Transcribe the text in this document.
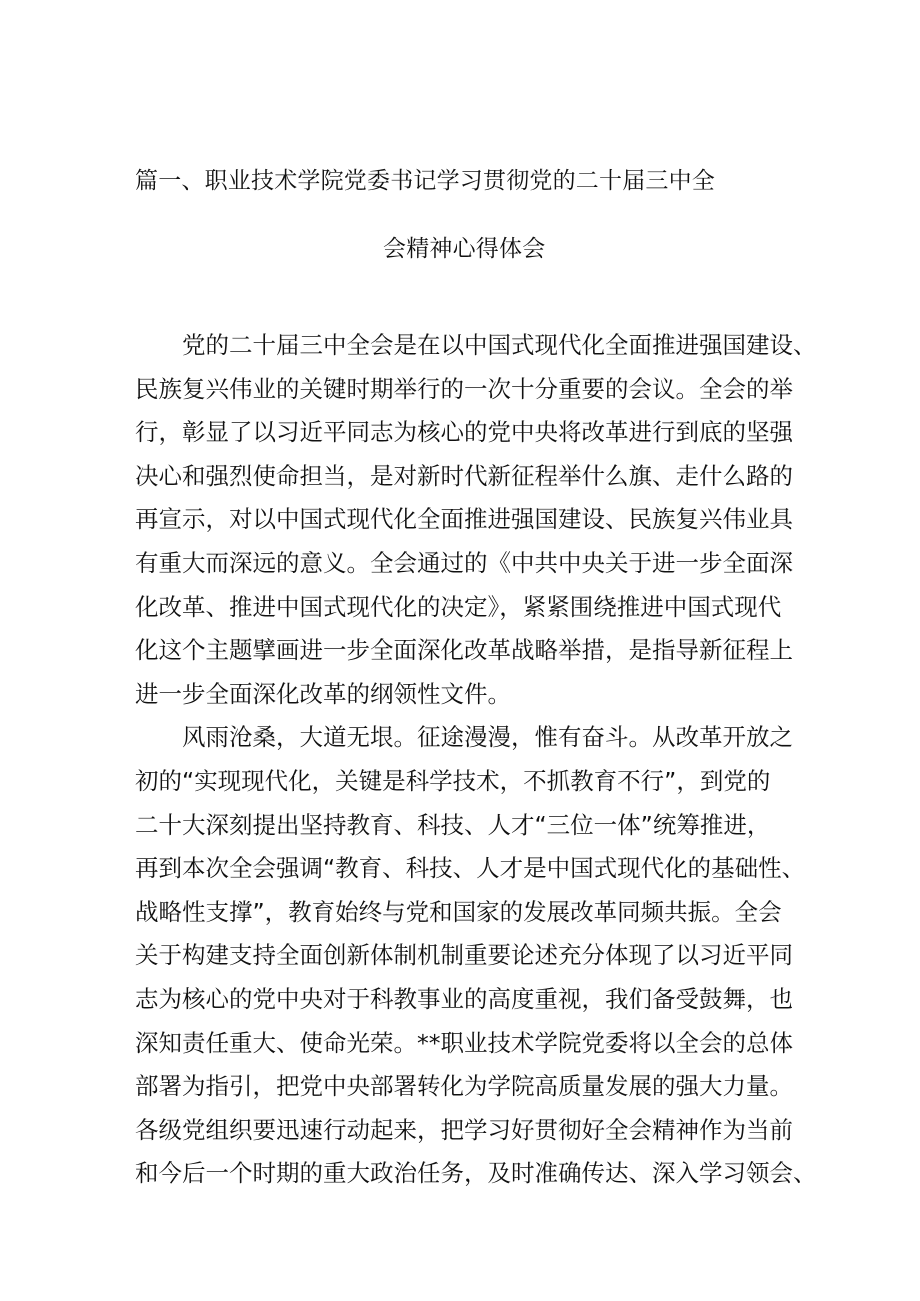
篇一、职业技术学院党委书记学习贯彻党的二十届三中全
会精神心得体会
党的二十届三中全会是在以中国式现代化全面推进强国建设、
民族复兴伟业的关键时期举行的一次十分重要的会议。全会的举
行，彰显了以习近平同志为核心的党中央将改革进行到底的坚强
决心和强烈使命担当，是对新时代新征程举什么旗、走什么路的
再宣示，对以中国式现代化全面推进强国建设、民族复兴伟业具
有重大而深远的意义。全会通过的《中共中央关于进一步全面深
化改革、推进中国式现代化的决定》，紧紧围绕推进中国式现代
化这个主题擘画进一步全面深化改革战略举措，是指导新征程上
进一步全面深化改革的纲领性文件。
风雨沧桑，大道无垠。征途漫漫，惟有奋斗。从改革开放之
初的“实现现代化，关键是科学技术，不抓教育不行”，到党的
二十大深刻提出坚持教育、科技、人才“三位一体”统筹推进，
再到本次全会强调“教育、科技、人才是中国式现代化的基础性、
战略性支撑”，教育始终与党和国家的发展改革同频共振。全会
关于构建支持全面创新体制机制重要论述充分体现了以习近平同
志为核心的党中央对于科教事业的高度重视，我们备受鼓舞，也
深知责任重大、使命光荣。**职业技术学院党委将以全会的总体
部署为指引，把党中央部署转化为学院高质量发展的强大力量。
各级党组织要迅速行动起来，把学习好贯彻好全会精神作为当前
和今后一个时期的重大政治任务，及时准确传达、深入学习领会、
